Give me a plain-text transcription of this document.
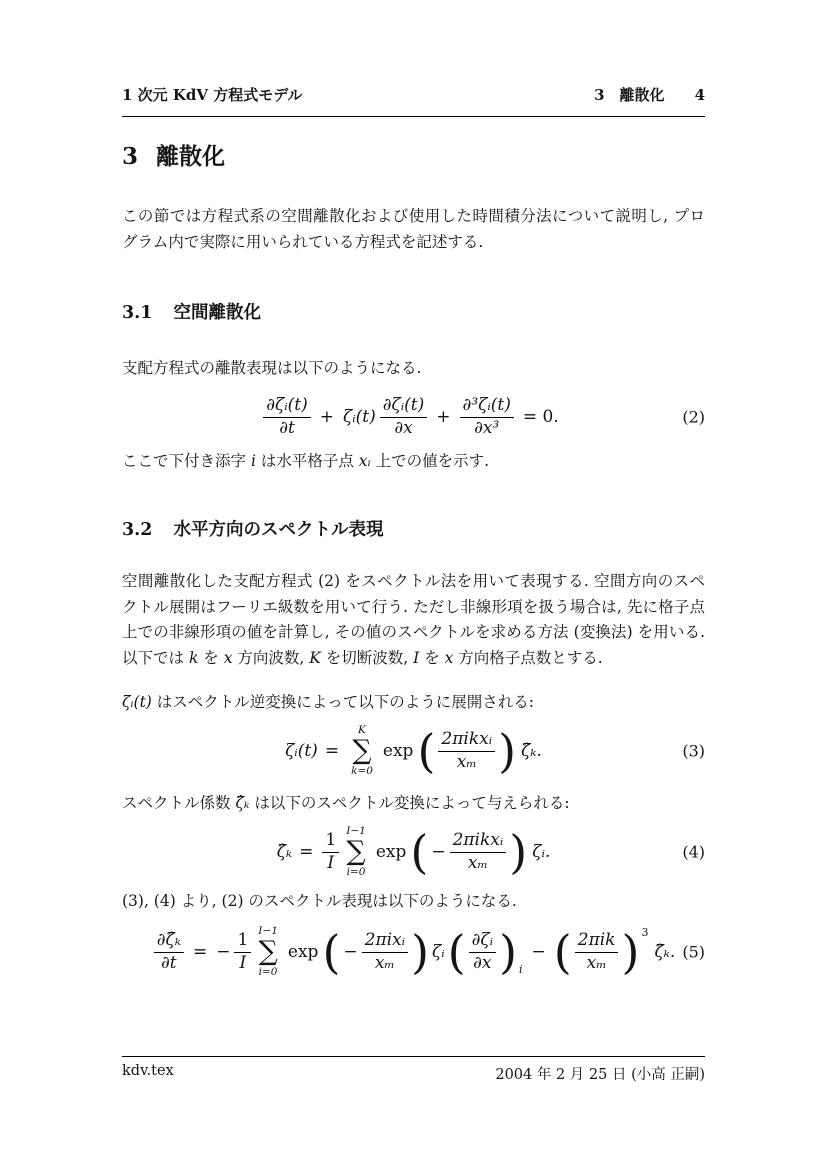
1 次元 KdV 方程式モデル	3 離散化 4
3 離散化
この節では方程式系の空間離散化および使用した時間積分法について説明し, プログラム内で実際に用いられている方程式を記述する.
3.1 空間離散化
支配方程式の離散表現は以下のようになる.
$\frac{\text{∂ζᵢ(t)}}{\partial t}$ + ζᵢ(t) $\frac{\text{∂ζᵢ(t)}}{\partial x} + \frac{\text{∂³ζᵢ(t)}}{\text{∂x³}} = 0$.	(2)
ここで下付き添字 i は水平格子点 xᵢ 上での値を示す.
3.2 水平方向のスペクトル表現
空間離散化した支配方程式 (2) をスペクトル法を用いて表現する. 空間方向のスペクトル展開はフーリエ級数を用いて行う. ただし非線形項を扱う場合は, 先に格子点上での非線形項の値を計算し, その値のスペクトルを求める方法 (変換法) を用いる. 以下では k を x 方向波数, K を切断波数, I を x 方向格子点数とする.
ζᵢ(t) はスペクトル逆変換によって以下のように展開される:
ζᵢ(t) =
K
∑
k=0
exp ( $\frac{\text{2πikxᵢ}}{\text{xₘ}}$ ) ζ̂ₖ.	(3)
スペクトル係数 ζ̂ₖ は以下のスペクトル変換によって与えられる:
ζ̂ₖ = $\frac{1}{I} I-1$
∑
i=0
exp ( − $\frac{\text{2πikxᵢ}}{\text{xₘ}}$ ) ζᵢ.	(4)
(3), (4) より, (2) のスペクトル表現は以下のようになる.
$\frac{\text{∂ζ̂ₖ}}{\partial t}$ = − $\frac{1}{I} I-1$
∑
i=0
exp ( − $\frac{\text{2πixᵢ}}{\text{xₘ}}$ ) ζᵢ ( $\frac{\text{∂ζᵢ}}{\partial x}$ ) i
− ( $\frac{\text{2πik}}{\text{xₘ}}$ ) 3
ζ̂ₖ. (5)
kdv.tex	2004 年 2 月 25 日 (小高 正嗣)
